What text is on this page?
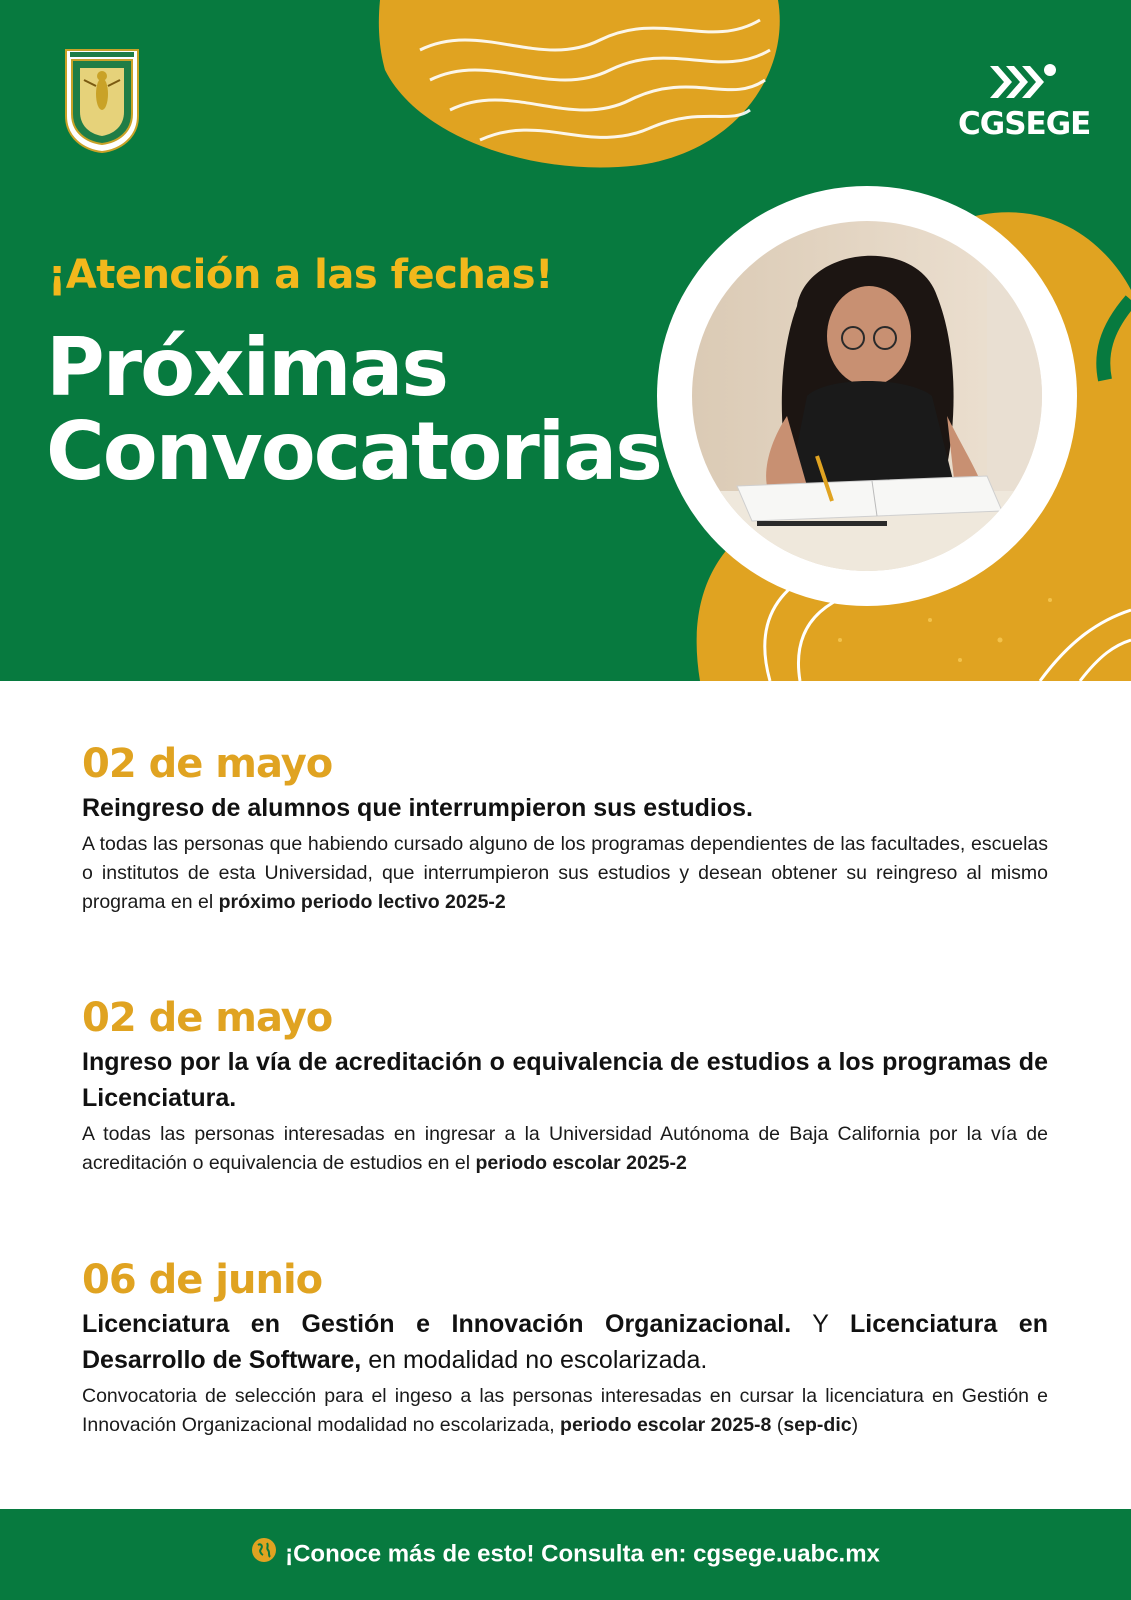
CGSEGE
¡Atención a las fechas!
Próximas
Convocatorias
02 de mayo
Reingreso de alumnos que interrumpieron sus estudios.
A todas las personas que habiendo cursado alguno de los programas dependientes de las facultades, escuelas o institutos de esta Universidad, que interrumpieron sus estudios y desean obtener su reingreso al mismo programa en el próximo periodo lectivo 2025-2
02 de mayo
Ingreso por la vía de acreditación o equivalencia de estudios a los programas de Licenciatura.
A todas las personas interesadas en ingresar a la Universidad Autónoma de Baja California por la vía de acreditación o equivalencia de estudios en el periodo escolar 2025-2
06 de junio
Licenciatura en Gestión e Innovación Organizacional. Y Licenciatura en Desarrollo de Software, en modalidad no escolarizada.
Convocatoria de selección para el ingeso a las personas interesadas en cursar la licenciatura en Gestión e Innovación Organizacional modalidad no escolarizada, periodo escolar 2025-8 (sep-dic)
¡Conoce más de esto! Consulta en: cgsege.uabc.mx
